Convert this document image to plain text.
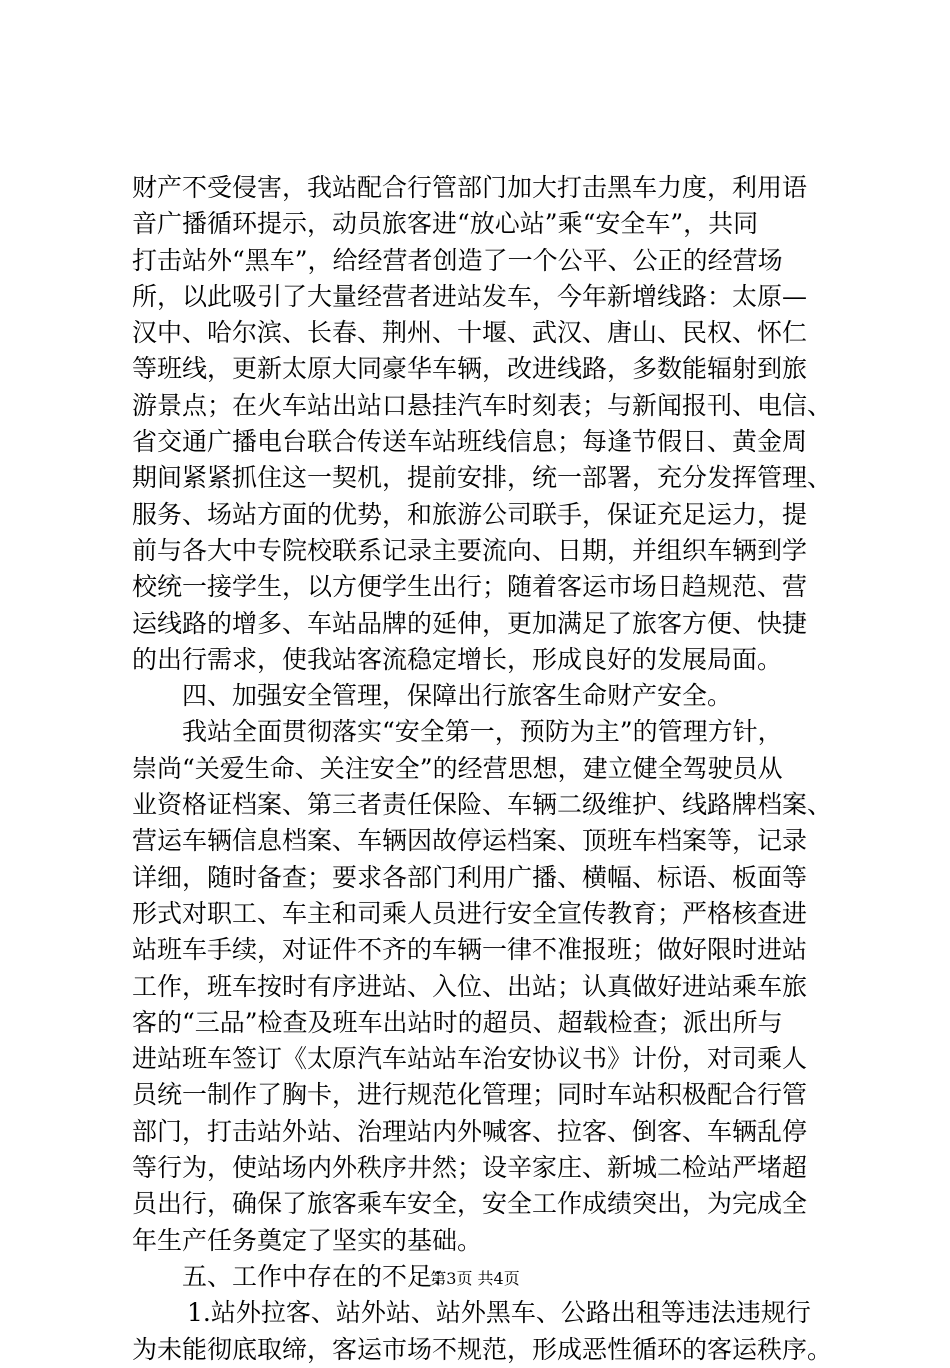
财产不受侵害，我站配合行管部门加大打击黑车力度，利用语
音广播循环提示，动员旅客进“放心站”乘“安全车”，共同
打击站外“黑车”，给经营者创造了一个公平、公正的经营场
所，以此吸引了大量经营者进站发车，今年新增线路：太原—
汉中、哈尔滨、长春、荆州、十堰、武汉、唐山、民权、怀仁
等班线，更新太原大同豪华车辆，改进线路，多数能辐射到旅
游景点；在火车站出站口悬挂汽车时刻表；与新闻报刊、电信、
省交通广播电台联合传送车站班线信息；每逢节假日、黄金周
期间紧紧抓住这一契机，提前安排，统一部署，充分发挥管理、
服务、场站方面的优势，和旅游公司联手，保证充足运力，提
前与各大中专院校联系记录主要流向、日期，并组织车辆到学
校统一接学生，以方便学生出行；随着客运市场日趋规范、营
运线路的增多、车站品牌的延伸，更加满足了旅客方便、快捷
的出行需求，使我站客流稳定增长，形成良好的发展局面。
四、加强安全管理，保障出行旅客生命财产安全。
我站全面贯彻落实“安全第一，预防为主”的管理方针，
崇尚“关爱生命、关注安全”的经营思想，建立健全驾驶员从
业资格证档案、第三者责任保险、车辆二级维护、线路牌档案、
营运车辆信息档案、车辆因故停运档案、顶班车档案等，记录
详细，随时备查；要求各部门利用广播、横幅、标语、板面等
形式对职工、车主和司乘人员进行安全宣传教育；严格核查进
站班车手续，对证件不齐的车辆一律不准报班；做好限时进站
工作，班车按时有序进站、入位、出站；认真做好进站乘车旅
客的“三品”检查及班车出站时的超员、超载检查；派出所与
进站班车签订《太原汽车站站车治安协议书》计份，对司乘人
员统一制作了胸卡，进行规范化管理；同时车站积极配合行管
部门，打击站外站、治理站内外喊客、拉客、倒客、车辆乱停
等行为，使站场内外秩序井然；设辛家庄、新城二检站严堵超
员出行，确保了旅客乘车安全，安全工作成绩突出，为完成全
年生产任务奠定了坚实的基础。
五、工作中存在的不足：
1.站外拉客、站外站、站外黑车、公路出租等违法违规行
为未能彻底取缔，客运市场不规范，形成恶性循环的客运秩序。
第3页 共4页
